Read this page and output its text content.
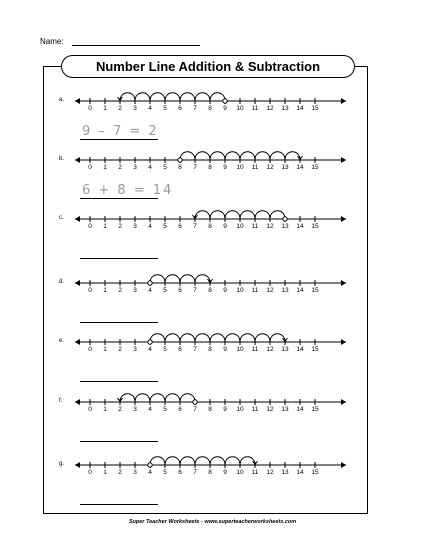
Name:
Number Line Addition & Subtraction
a.
0	1	2	3	4	5	6	7	8	9	10	11	12	13	14	15
9 – 7 = 2
b.
0	1	2	3	4	5	6	7	8	9	10	11	12	13	14	15
6 + 8 = 14
c.
0	1	2	3	4	5	6	7	8	9	10	11	12	13	14	15
d.
0	1	2	3	4	5	6	7	8	9	10	11	12	13	14	15
e.
0	1	2	3	4	5	6	7	8	9	10	11	12	13	14	15
f.
0	1	2	3	4	5	6	7	8	9	10	11	12	13	14	15
g.
0	1	2	3	4	5	6	7	8	9	10	11	12	13	14	15
Super Teacher Worksheets - www.superteacherworksheets.com
